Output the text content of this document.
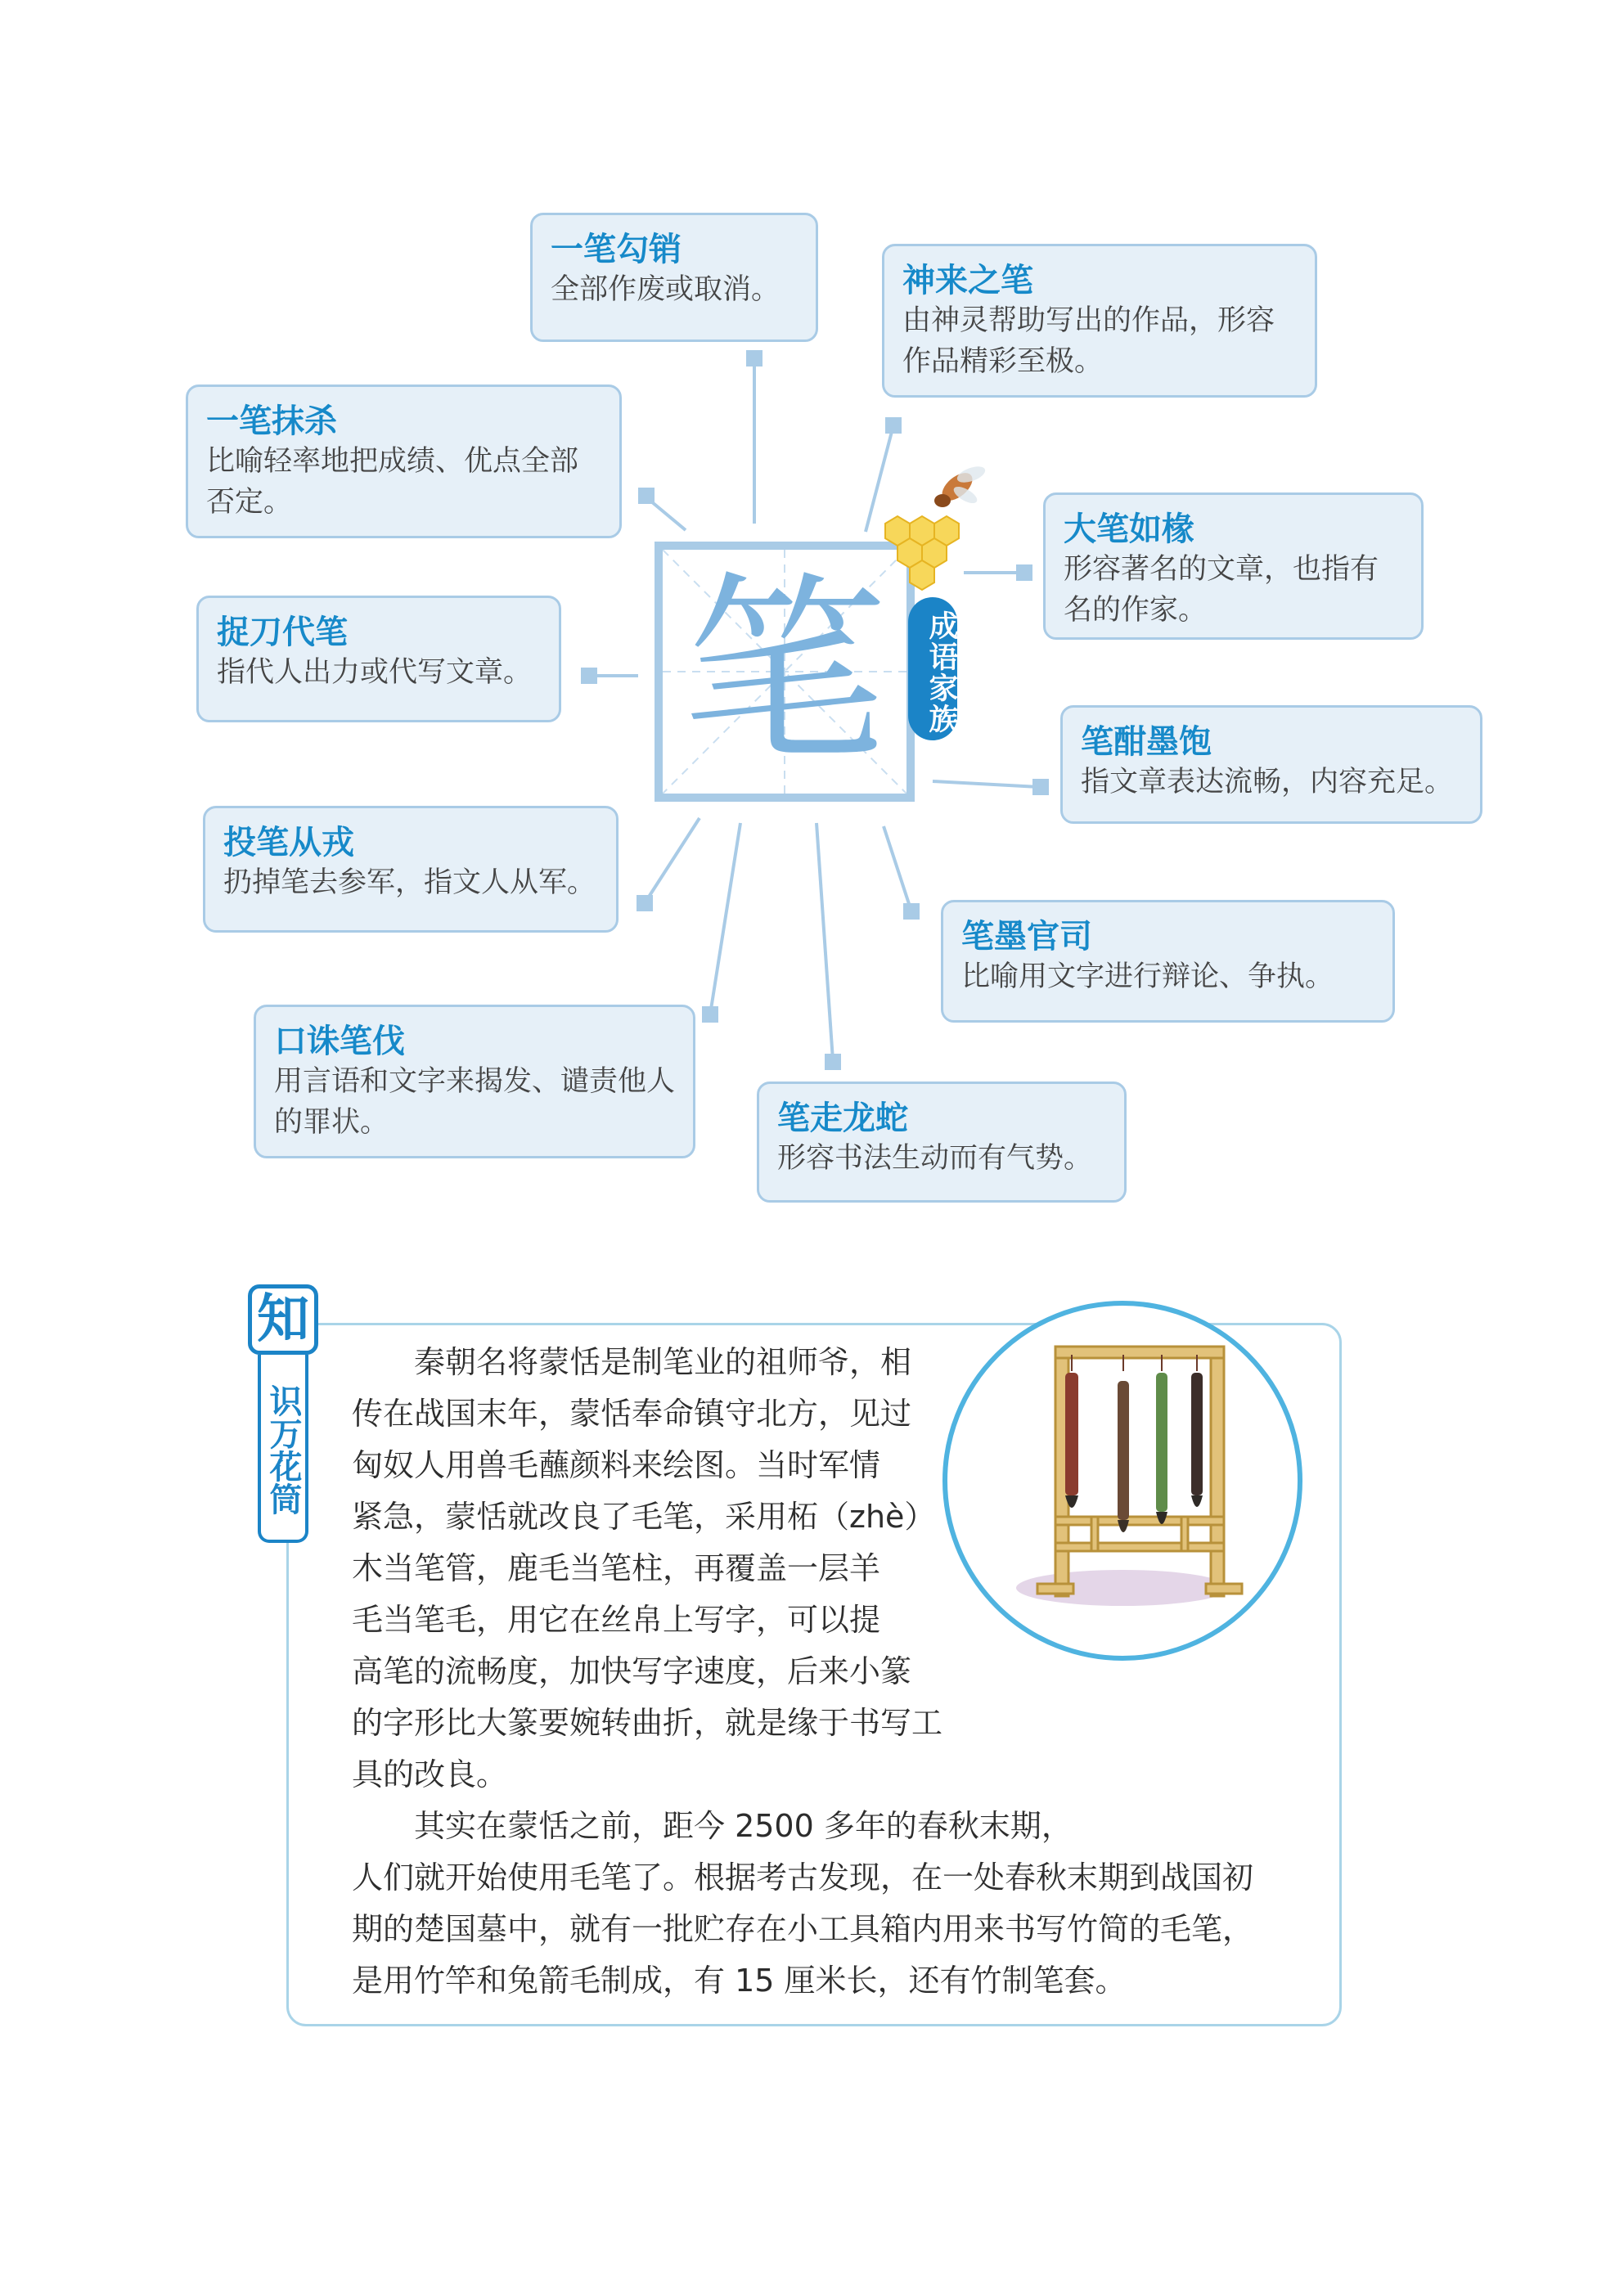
一笔勾销
全部作废或取消。	神来之笔
由神灵帮助写出的作品，形容作品精彩至极。
一笔抹杀
比喻轻率地把成绩、优点全部否定。
大笔如椽
形容著名的文章，也指有名的作家。
捉刀代笔
指代人出力或代写文章。
笔酣墨饱
指文章表达流畅，内容充足。
投笔从戎
扔掉笔去参军，指文人从军。
笔墨官司
比喻用文字进行辩论、争执。
口诛笔伐
用言语和文字来揭发、谴责他人的罪状。	笔走龙蛇
形容书法生动而有气势。
笔	成语家族
知
识万花筒
秦朝名将蒙恬是制笔业的祖师爷，相
传在战国末年，蒙恬奉命镇守北方，见过
匈奴人用兽毛蘸颜料来绘图。当时军情
紧急，蒙恬就改良了毛笔，采用柘（zhè）
木当笔管，鹿毛当笔柱，再覆盖一层羊
毛当笔毛，用它在丝帛上写字，可以提
高笔的流畅度，加快写字速度，后来小篆
的字形比大篆要婉转曲折，就是缘于书写工
具的改良。
其实在蒙恬之前，距今 2500 多年的春秋末期，
人们就开始使用毛笔了。根据考古发现，在一处春秋末期到战国初
期的楚国墓中，就有一批贮存在小工具箱内用来书写竹简的毛笔，
是用竹竿和兔箭毛制成，有 15 厘米长，还有竹制笔套。
